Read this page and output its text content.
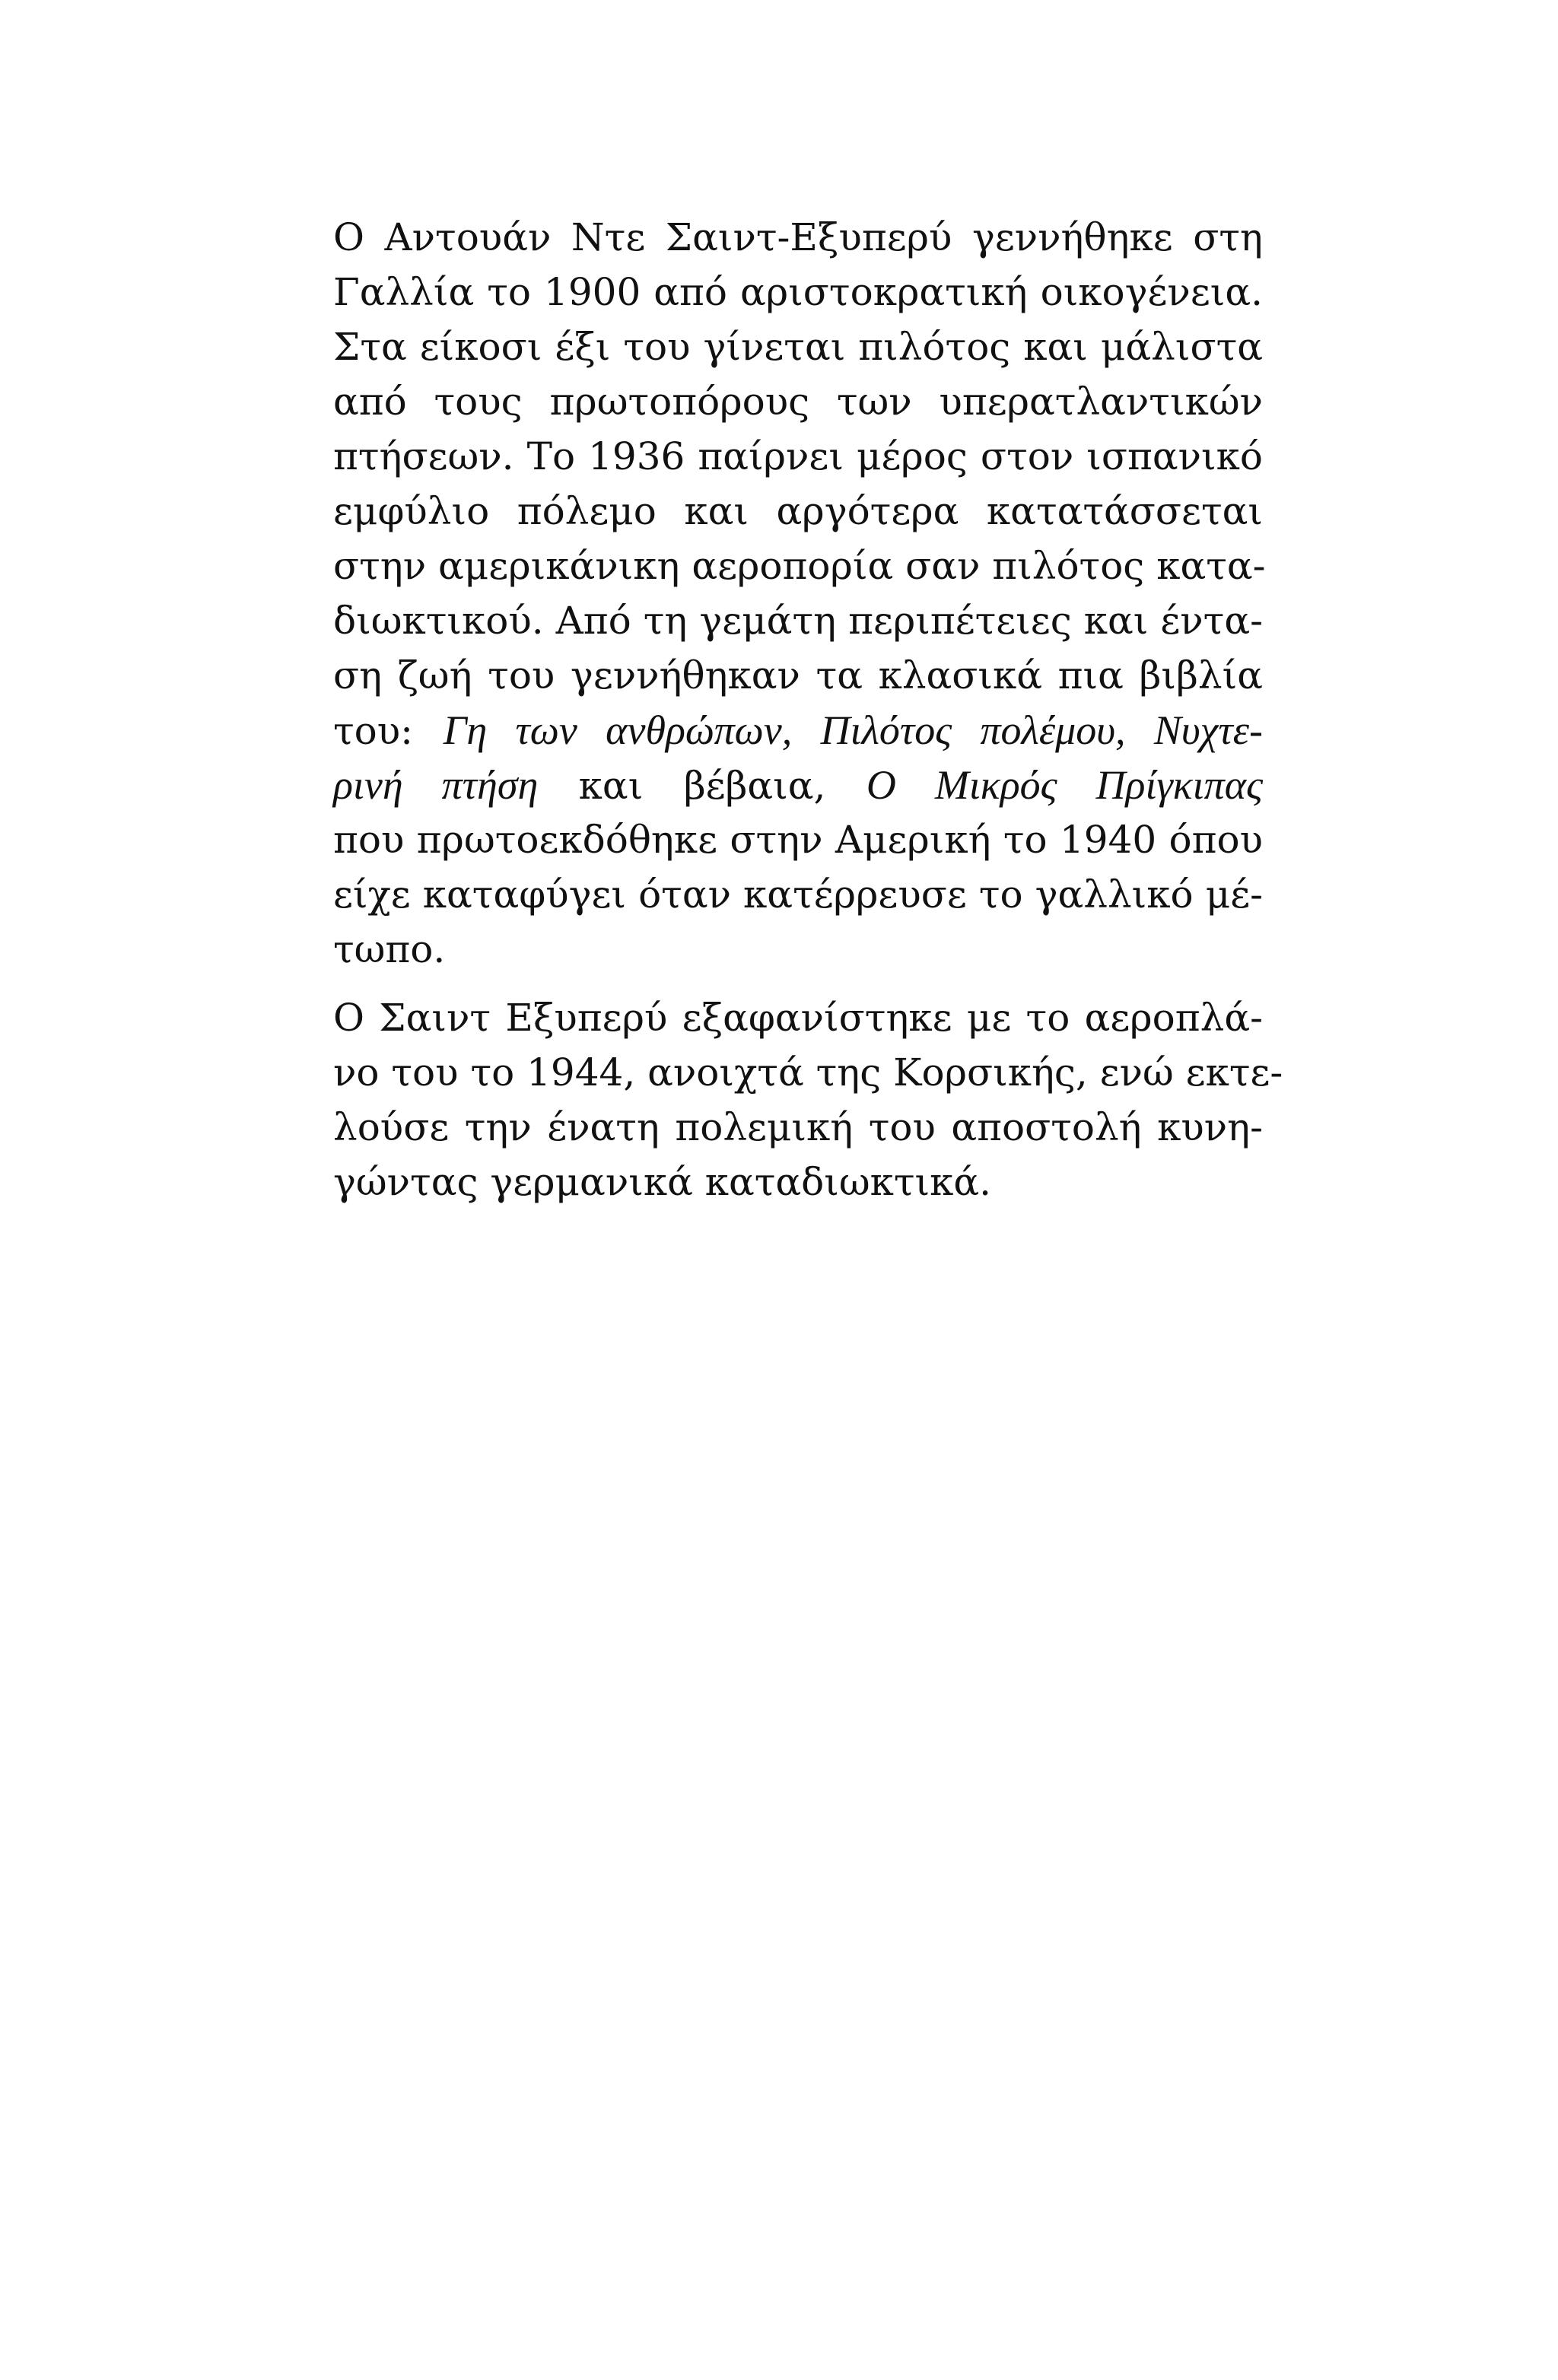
Ο Αντουάν Ντε Σαιντ-Εξυπερύ γεννήθηκε στη
Γαλλία το 1900 από αριστοκρατική οικογένεια.
Στα είκοσι έξι του γίνεται πιλότος και μάλιστα
από τους πρωτοπόρους των υπερατλαντικών
πτήσεων. Το 1936 παίρνει μέρος στον ισπανικό
εμφύλιο πόλεμο και αργότερα κατατάσσεται
στην αμερικάνικη αεροπορία σαν πιλότος κατα-
διωκτικού. Από τη γεμάτη περιπέτειες και έντα-
ση ζωή του γεννήθηκαν τα κλασικά πια βιβλία
του: Γη των ανθρώπων, Πιλότος πολέμου, Νυχτε-
ρινή πτήση και βέβαια, Ο Μικρός Πρίγκιπας
που πρωτοεκδόθηκε στην Αμερική το 1940 όπου
είχε καταφύγει όταν κατέρρευσε το γαλλικό μέ-
τωπο.
Ο Σαιντ Εξυπερύ εξαφανίστηκε με το αεροπλά-
νο του το 1944, ανοιχτά της Κορσικής, ενώ εκτε-
λούσε την ένατη πολεμική του αποστολή κυνη-
γώντας γερμανικά καταδιωκτικά.
